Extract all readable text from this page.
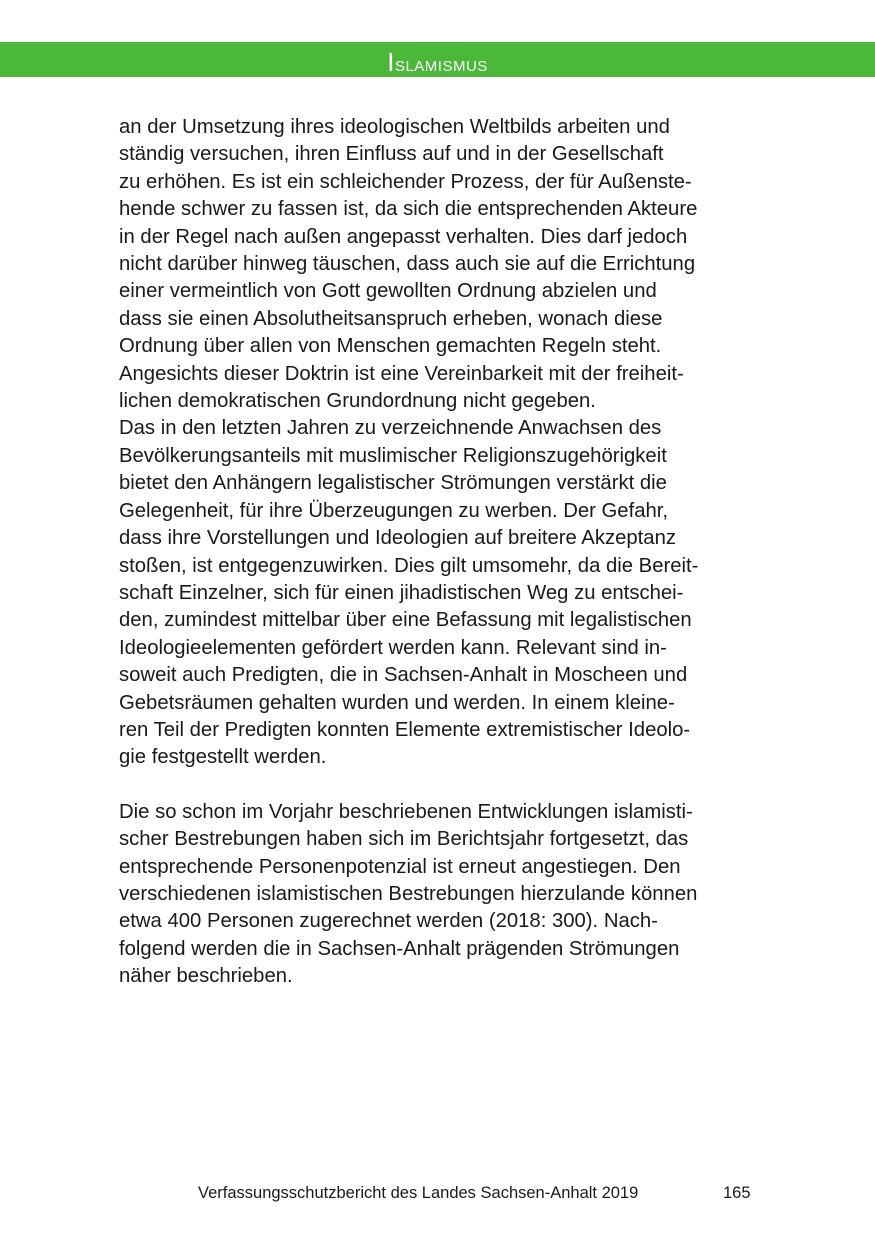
Islamismus

an der Umsetzung ihres ideologischen Weltbilds arbeiten und
ständig versuchen, ihren Einfluss auf und in der Gesellschaft
zu erhöhen. Es ist ein schleichender Prozess, der für Außenste-
hende schwer zu fassen ist, da sich die entsprechenden Akteure
in der Regel nach außen angepasst verhalten. Dies darf jedoch
nicht darüber hinweg täuschen, dass auch sie auf die Errichtung
einer vermeintlich von Gott gewollten Ordnung abzielen und
dass sie einen Absolutheitsanspruch erheben, wonach diese
Ordnung über allen von Menschen gemachten Regeln steht.
Angesichts dieser Doktrin ist eine Vereinbarkeit mit der freiheit-
lichen demokratischen Grundordnung nicht gegeben.

Das in den letzten Jahren zu verzeichnende Anwachsen des
Bevölkerungsanteils mit muslimischer Religionszugehörigkeit
bietet den Anhängern legalistischer Strömungen verstärkt die
Gelegenheit, für ihre Überzeugungen zu werben. Der Gefahr,
dass ihre Vorstellungen und Ideologien auf breitere Akzeptanz
stoßen, ist entgegenzuwirken. Dies gilt umsomehr, da die Bereit-
schaft Einzelner, sich für einen jihadistischen Weg zu entschei-
den, zumindest mittelbar über eine Befassung mit legalistischen
Ideologieelementen gefördert werden kann. Relevant sind in-
soweit auch Predigten, die in Sachsen-Anhalt in Moscheen und
Gebetsräumen gehalten wurden und werden. In einem kleine-
ren Teil der Predigten konnten Elemente extremistischer Ideolo-
gie festgestellt werden.

Die so schon im Vorjahr beschriebenen Entwicklungen islamisti-
scher Bestrebungen haben sich im Berichtsjahr fortgesetzt, das
entsprechende Personenpotenzial ist erneut angestiegen. Den
verschiedenen islamistischen Bestrebungen hierzulande können
etwa 400 Personen zugerechnet werden (2018: 300). Nach-
folgend werden die in Sachsen-Anhalt prägenden Strömungen
näher beschrieben.

Verfassungsschutzbericht des Landes Sachsen-Anhalt 2019	165
